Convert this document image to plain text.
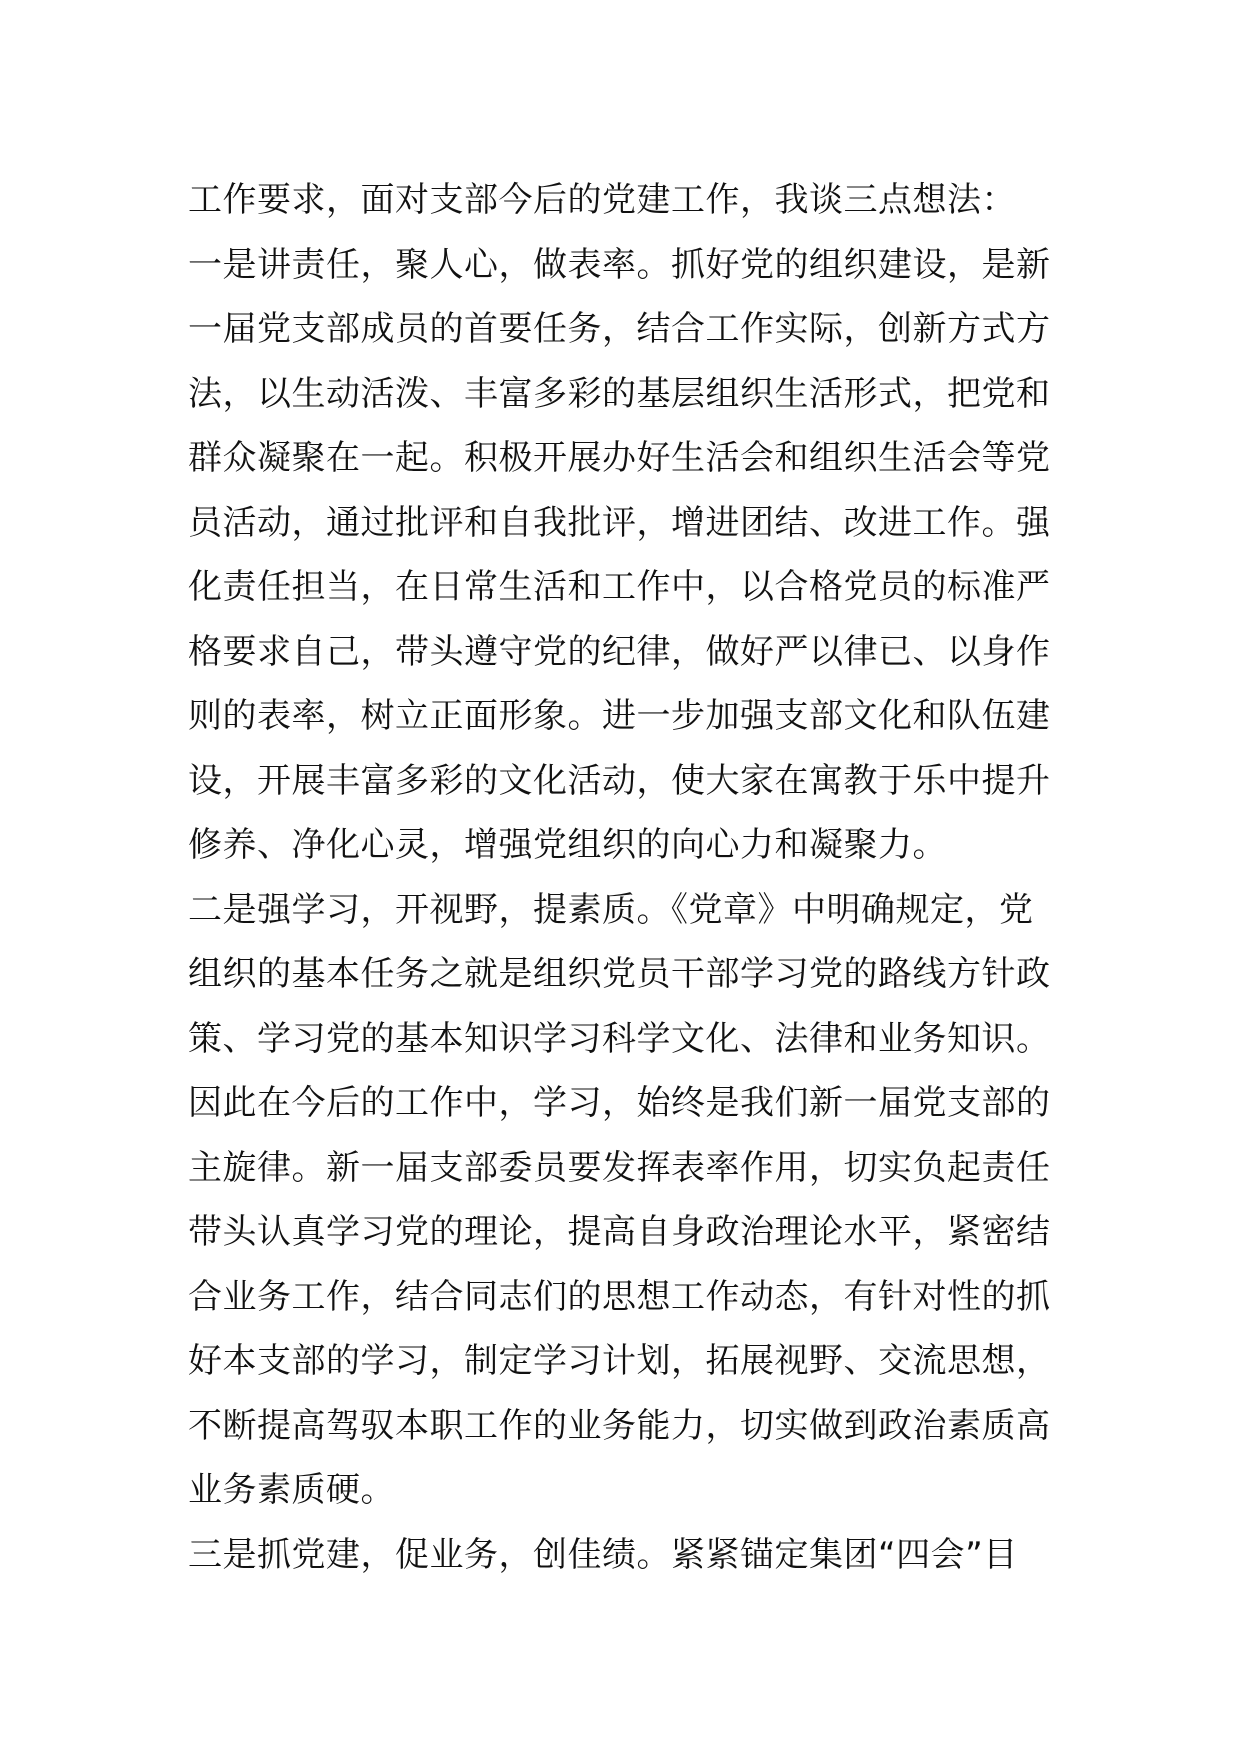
工作要求，面对支部今后的党建工作，我谈三点想法：
一是讲责任，聚人心，做表率。抓好党的组织建设，是新
一届党支部成员的首要任务，结合工作实际，创新方式方
法，以生动活泼、丰富多彩的基层组织生活形式，把党和
群众凝聚在一起。积极开展办好生活会和组织生活会等党
员活动，通过批评和自我批评，增进团结、改进工作。强
化责任担当，在日常生活和工作中，以合格党员的标准严
格要求自己，带头遵守党的纪律，做好严以律已、以身作
则的表率，树立正面形象。进一步加强支部文化和队伍建
设，开展丰富多彩的文化活动，使大家在寓教于乐中提升
修养、净化心灵，增强党组织的向心力和凝聚力。
二是强学习，开视野，提素质。《党章》中明确规定，党
组织的基本任务之就是组织党员干部学习党的路线方针政
策、学习党的基本知识学习科学文化、法律和业务知识。
因此在今后的工作中，学习，始终是我们新一届党支部的
主旋律。新一届支部委员要发挥表率作用，切实负起责任
带头认真学习党的理论，提高自身政治理论水平，紧密结
合业务工作，结合同志们的思想工作动态，有针对性的抓
好本支部的学习，制定学习计划，拓展视野、交流思想，
不断提高驾驭本职工作的业务能力，切实做到政治素质高
业务素质硬。
三是抓党建，促业务，创佳绩。紧紧锚定集团“四会”目
